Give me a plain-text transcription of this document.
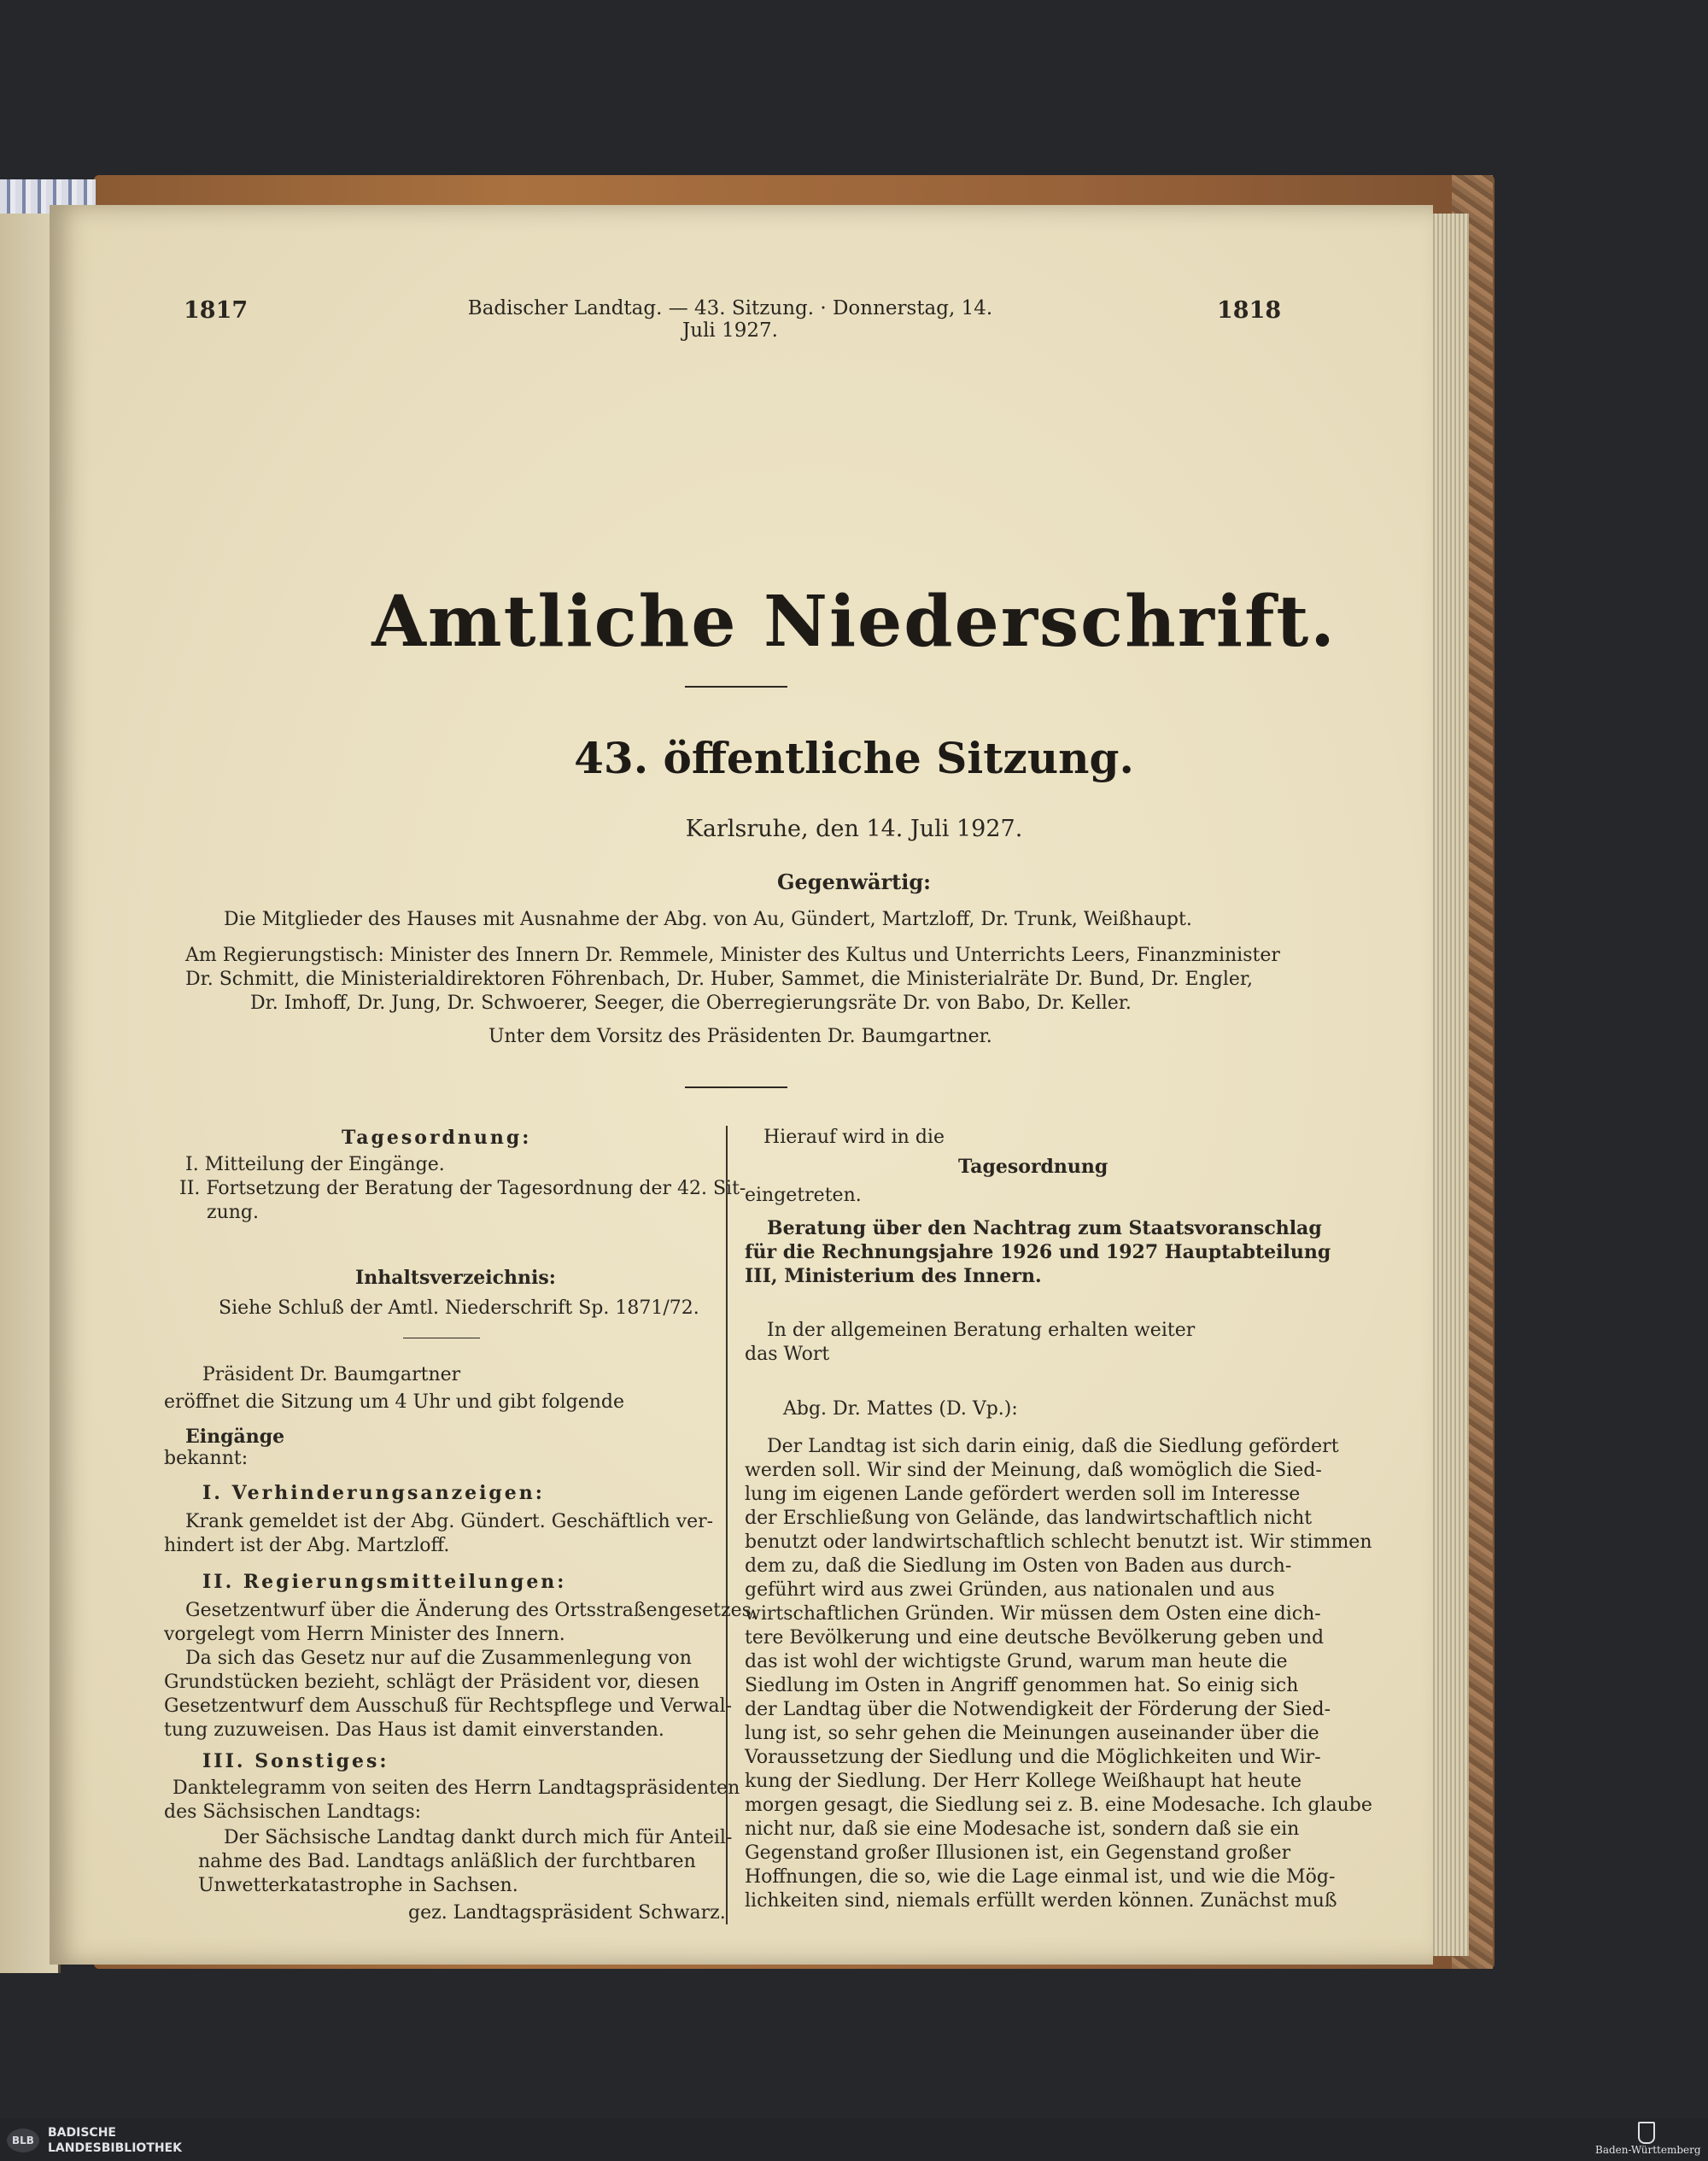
1817	Badischer Landtag. — 43. Sitzung. · Donnerstag, 14. Juli 1927.
1818
Amtliche Niederschrift.
43. öffentliche Sitzung.
Karlsruhe, den 14. Juli 1927.
Gegenwärtig:
Die Mitglieder des Hauses mit Ausnahme der Abg. von Au, Gündert, Martzloff, Dr. Trunk, Weißhaupt.
Am Regierungstisch: Minister des Innern Dr. Remmele, Minister des Kultus und Unterrichts Leers, Finanzminister
Dr. Schmitt, die Ministerialdirektoren Föhrenbach, Dr. Huber, Sammet, die Ministerialräte Dr. Bund, Dr. Engler,
Dr. Imhoff, Dr. Jung, Dr. Schwoerer, Seeger, die Oberregierungsräte Dr. von Babo, Dr. Keller.
Unter dem Vorsitz des Präsidenten Dr. Baumgartner.
Tagesordnung:
I. Mitteilung der Eingänge.
II. Fortsetzung der Beratung der Tagesordnung der 42. Sit-
zung.
Inhaltsverzeichnis:
Siehe Schluß der Amtl. Niederschrift Sp. 1871/72.
Präsident Dr. Baumgartner
eröffnet die Sitzung um 4 Uhr und gibt folgende
Eingänge
bekannt:
I. Verhinderungsanzeigen:
Krank gemeldet ist der Abg. Gündert. Geschäftlich ver-
hindert ist der Abg. Martzloff.
II. Regierungsmitteilungen:
Gesetzentwurf über die Änderung des Ortsstraßengesetzes,
vorgelegt vom Herrn Minister des Innern.
Da sich das Gesetz nur auf die Zusammenlegung von
Grundstücken bezieht, schlägt der Präsident vor, diesen
Gesetzentwurf dem Ausschuß für Rechtspflege und Verwal-
tung zuzuweisen. Das Haus ist damit einverstanden.
III. Sonstiges:
Danktelegramm von seiten des Herrn Landtagspräsidenten
des Sächsischen Landtags:
Der Sächsische Landtag dankt durch mich für Anteil-
nahme des Bad. Landtags anläßlich der furchtbaren
Unwetterkatastrophe in Sachsen.
gez. Landtagspräsident Schwarz.
Hierauf wird in die
Tagesordnung
eingetreten.
Beratung über den Nachtrag zum Staatsvoranschlag
für die Rechnungsjahre 1926 und 1927 Hauptabteilung
III, Ministerium des Innern.
In der allgemeinen Beratung erhalten weiter
das Wort
Abg. Dr. Mattes (D. Vp.):
Der Landtag ist sich darin einig, daß die Siedlung gefördert
werden soll. Wir sind der Meinung, daß womöglich die Sied-
lung im eigenen Lande gefördert werden soll im Interesse
der Erschließung von Gelände, das landwirtschaftlich nicht
benutzt oder landwirtschaftlich schlecht benutzt ist. Wir stimmen
dem zu, daß die Siedlung im Osten von Baden aus durch-
geführt wird aus zwei Gründen, aus nationalen und aus
wirtschaftlichen Gründen. Wir müssen dem Osten eine dich-
tere Bevölkerung und eine deutsche Bevölkerung geben und
das ist wohl der wichtigste Grund, warum man heute die
Siedlung im Osten in Angriff genommen hat. So einig sich
der Landtag über die Notwendigkeit der Förderung der Sied-
lung ist, so sehr gehen die Meinungen auseinander über die
Voraussetzung der Siedlung und die Möglichkeiten und Wir-
kung der Siedlung. Der Herr Kollege Weißhaupt hat heute
morgen gesagt, die Siedlung sei z. B. eine Modesache. Ich glaube
nicht nur, daß sie eine Modesache ist, sondern daß sie ein
Gegenstand großer Illusionen ist, ein Gegenstand großer
Hoffnungen, die so, wie die Lage einmal ist, und wie die Mög-
lichkeiten sind, niemals erfüllt werden können. Zunächst muß
BLB
BADISCHE
LANDESBIBLIOTHEK	Baden-Württemberg
